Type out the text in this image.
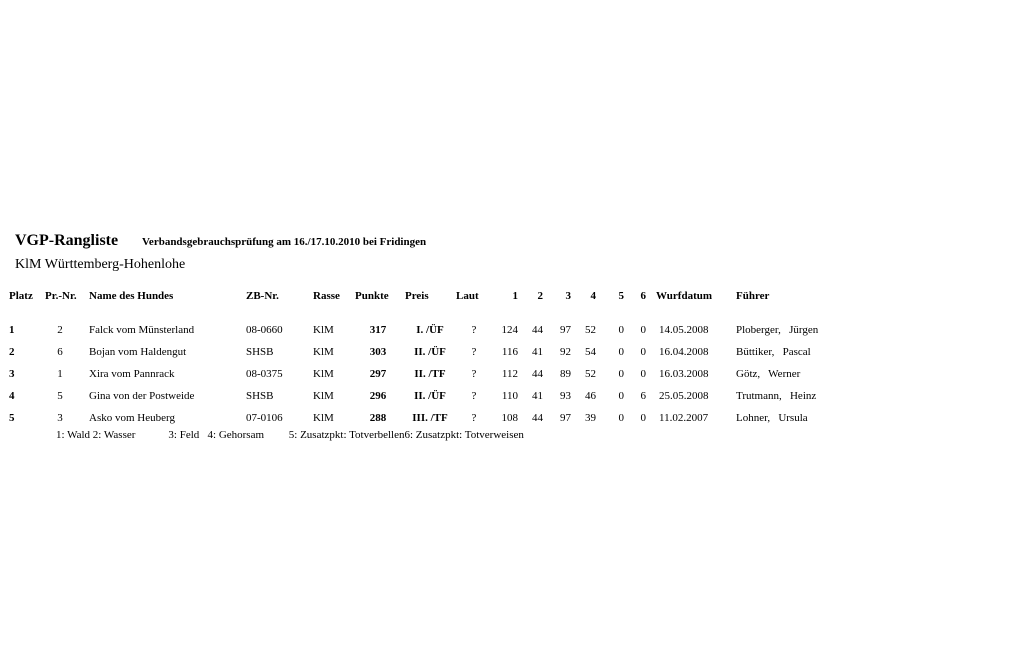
VGP-Rangliste Verbandsgebrauchsprüfung am 16./17.10.2010 bei Fridingen
KlM Württemberg-Hohenlohe
Platz	Pr.-Nr. Name des Hundes	ZB-Nr.	Rasse	Punkte	Preis	Laut	1	2	3	4	5	6 Wurfdatum	Führer
1	2	Falck vom Münsterland	08-0660	KlM	317	I. /ÜF	?	124	44	97	52	0	0 14.05.2008	Ploberger,   Jürgen
2	6	Bojan vom Haldengut	SHSB	KlM	303	II. /ÜF	?	116	41	92	54	0	0 16.04.2008	Büttiker,   Pascal
3	1	Xira vom Pannrack	08-0375	KlM	297	II. /TF	?	112	44	89	52	0	0 16.03.2008	Götz,   Werner
4	5	Gina von der Postweide	SHSB	KlM	296	II. /ÜF	?	110	41	93	46	0	6 25.05.2008	Trutmann,   Heinz
5	3	Asko vom Heuberg	07-0106	KlM	288	III. /TF	?	108	44	97	39	0	0 11.02.2007	Lohner,   Ursula
1: Wald 2: Wasser            3: Feld   4: Gehorsam         5: Zusatzpkt: Totverbellen6: Zusatzpkt: Totverweisen
